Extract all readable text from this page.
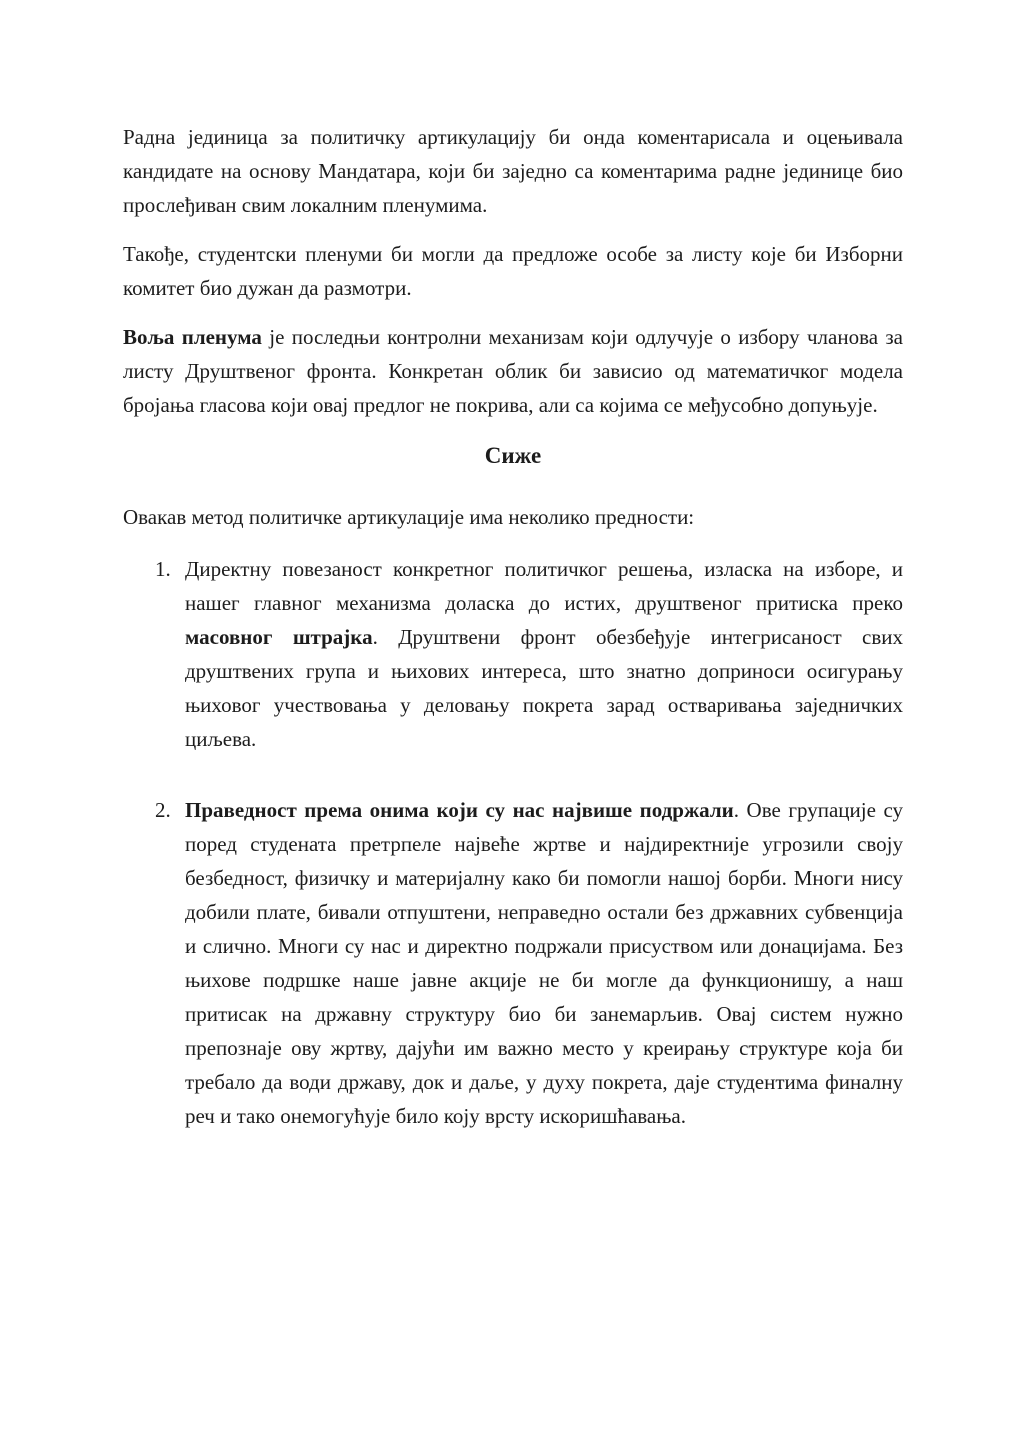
Радна јединица за политичку артикулацију би онда коментарисала и оцењивала кандидате на основу Мандатара, који би заједно са коментарима радне јединице био прослеђиван свим локалним пленумима.

Такође, студентски пленуми би могли да предложе особе за листу које би Изборни комитет био дужан да размотри.

Воља пленума је последњи контролни механизам који одлучује о избору чланова за листу Друштвеног фронта. Конкретан облик би зависио од математичког модела бројања гласова који овај предлог не покрива, али са којима се међусобно допуњује.

Сиже

Овакав метод политичке артикулације има неколико предности:

1. Директну повезаност конкретног политичког решења, изласка на изборе, и нашег главног механизма доласка до истих, друштвеног притиска преко масовног штрајка. Друштвени фронт обезбеђује интегрисаност свих друштвених група и њихових интереса, што знатно доприноси осигурању њиховог учествовања у деловању покрета зарад остваривања заједничких циљева.
2. Праведност према онима који су нас највише подржали. Ове групације су поред студената претрпеле највеће жртве и најдиректније угрозили своју безбедност, физичку и материјалну како би помогли нашој борби. Многи нису добили плате, бивали отпуштени, неправедно остали без државних субвенција и слично. Многи су нас и директно подржали присуством или донацијама. Без њихове подршке наше јавне акције не би могле да функционишу, а наш притисак на државну структуру био би занемарљив. Овај систем нужно препознаје ову жртву, дајући им важно место у креирању структуре која би требало да води државу, док и даље, у духу покрета, даје студентима финалну реч и тако онемогућује било коју врсту искоришћавања.
